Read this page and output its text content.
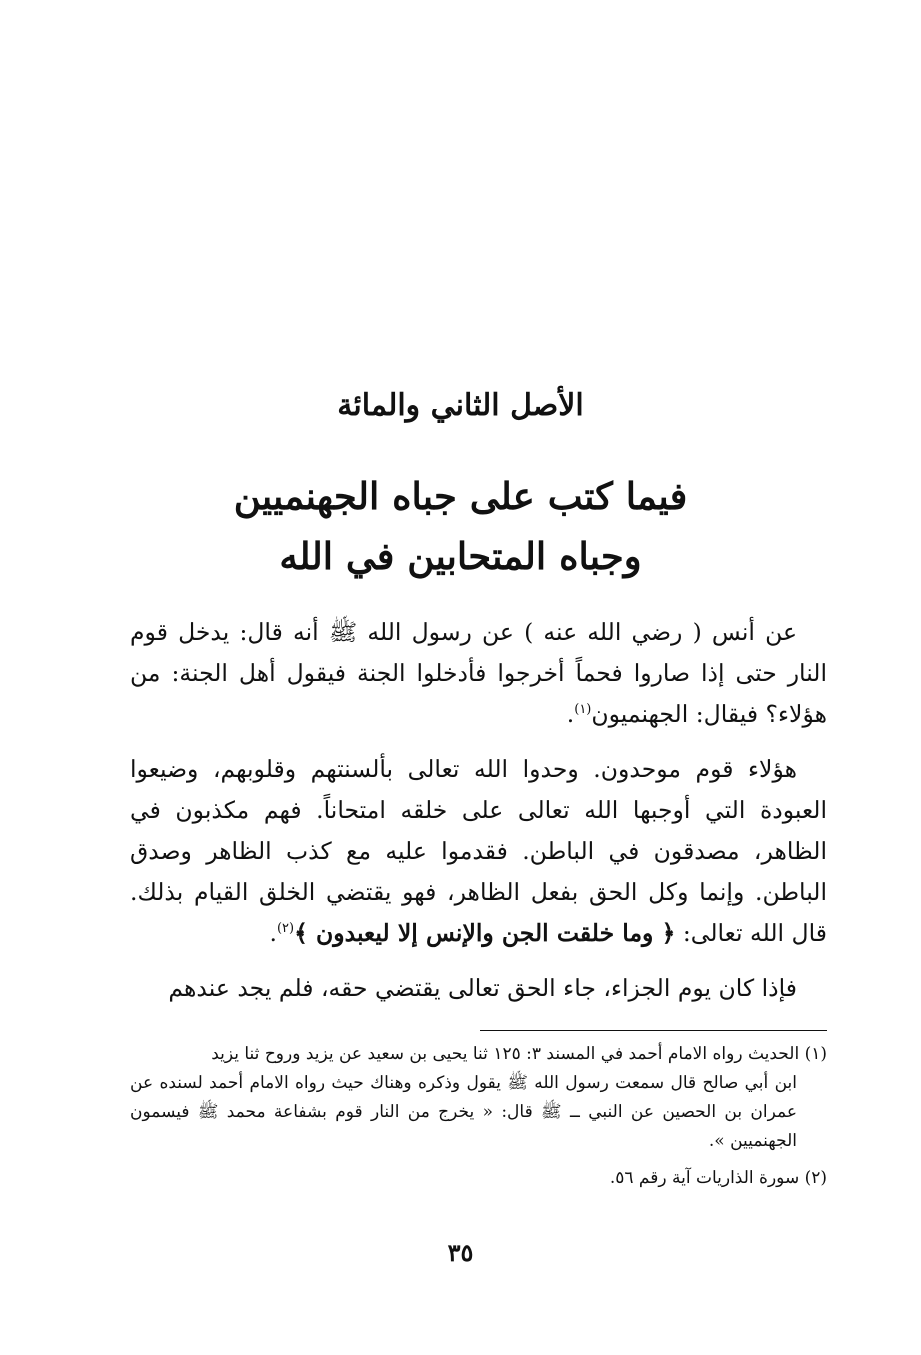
الأصل الثاني والمائة
فيما كتب على جباه الجهنميين
وجباه المتحابين في الله

عن أنس ( رضي الله عنه ) عن رسول الله ﷺ أنه قال: يدخل قوم النار حتى إذا صاروا فحماً أخرجوا فأدخلوا الجنة فيقول أهل الجنة: من هؤلاء؟ فيقال: الجهنميون$^{(١)}$.

هؤلاء قوم موحدون. وحدوا الله تعالى بألسنتهم وقلوبهم، وضيعوا العبودة التي أوجبها الله تعالى على خلقه امتحاناً. فهم مكذبون في الظاهر، مصدقون في الباطن. فقدموا عليه مع كذب الظاهر وصدق الباطن. وإنما وكل الحق بفعل الظاهر، فهو يقتضي الخلق القيام بذلك. قال الله تعالى: ﴿ وما خلقت الجن والإنس إلا ليعبدون ﴾$^{(٢)}$.

فإذا كان يوم الجزاء، جاء الحق تعالى يقتضي حقه، فلم يجد عندهم

(١) الحديث رواه الامام أحمد في المسند ٣: ١٢٥ ثنا يحيى بن سعيد عن يزيد وروح ثنا يزيد
ابن أبي صالح قال سمعت رسول الله ﷺ يقول وذكره وهناك حيث رواه الامام أحمد لسنده عن عمران بن الحصين عن النبي ــ ﷺ قال: « يخرج من النار قوم بشفاعة محمد ﷺ فيسمون الجهنميين ».
(٢) سورة الذاريات آية رقم ٥٦.
٣٥
